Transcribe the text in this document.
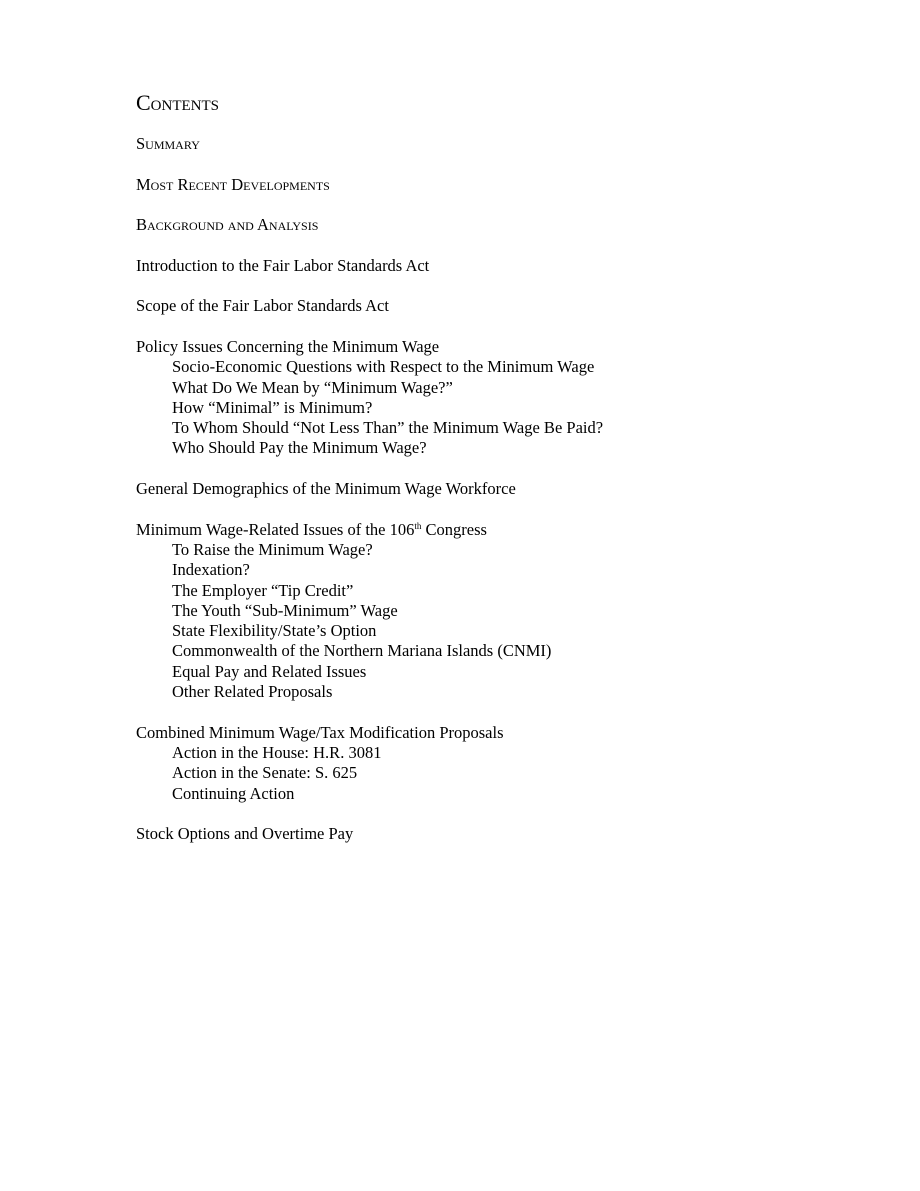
Contents
Summary
Most Recent Developments
Background and Analysis
Introduction to the Fair Labor Standards Act
Scope of the Fair Labor Standards Act
Policy Issues Concerning the Minimum Wage
Socio-Economic Questions with Respect to the Minimum Wage
What Do We Mean by “Minimum Wage?”
How “Minimal” is Minimum?
To Whom Should “Not Less Than” the Minimum Wage Be Paid?
Who Should Pay the Minimum Wage?
General Demographics of the Minimum Wage Workforce
Minimum Wage-Related Issues of the 106th Congress
To Raise the Minimum Wage?
Indexation?
The Employer “Tip Credit”
The Youth “Sub-Minimum” Wage
State Flexibility/State’s Option
Commonwealth of the Northern Mariana Islands (CNMI)
Equal Pay and Related Issues
Other Related Proposals
Combined Minimum Wage/Tax Modification Proposals
Action in the House: H.R. 3081
Action in the Senate: S. 625
Continuing Action
Stock Options and Overtime Pay
